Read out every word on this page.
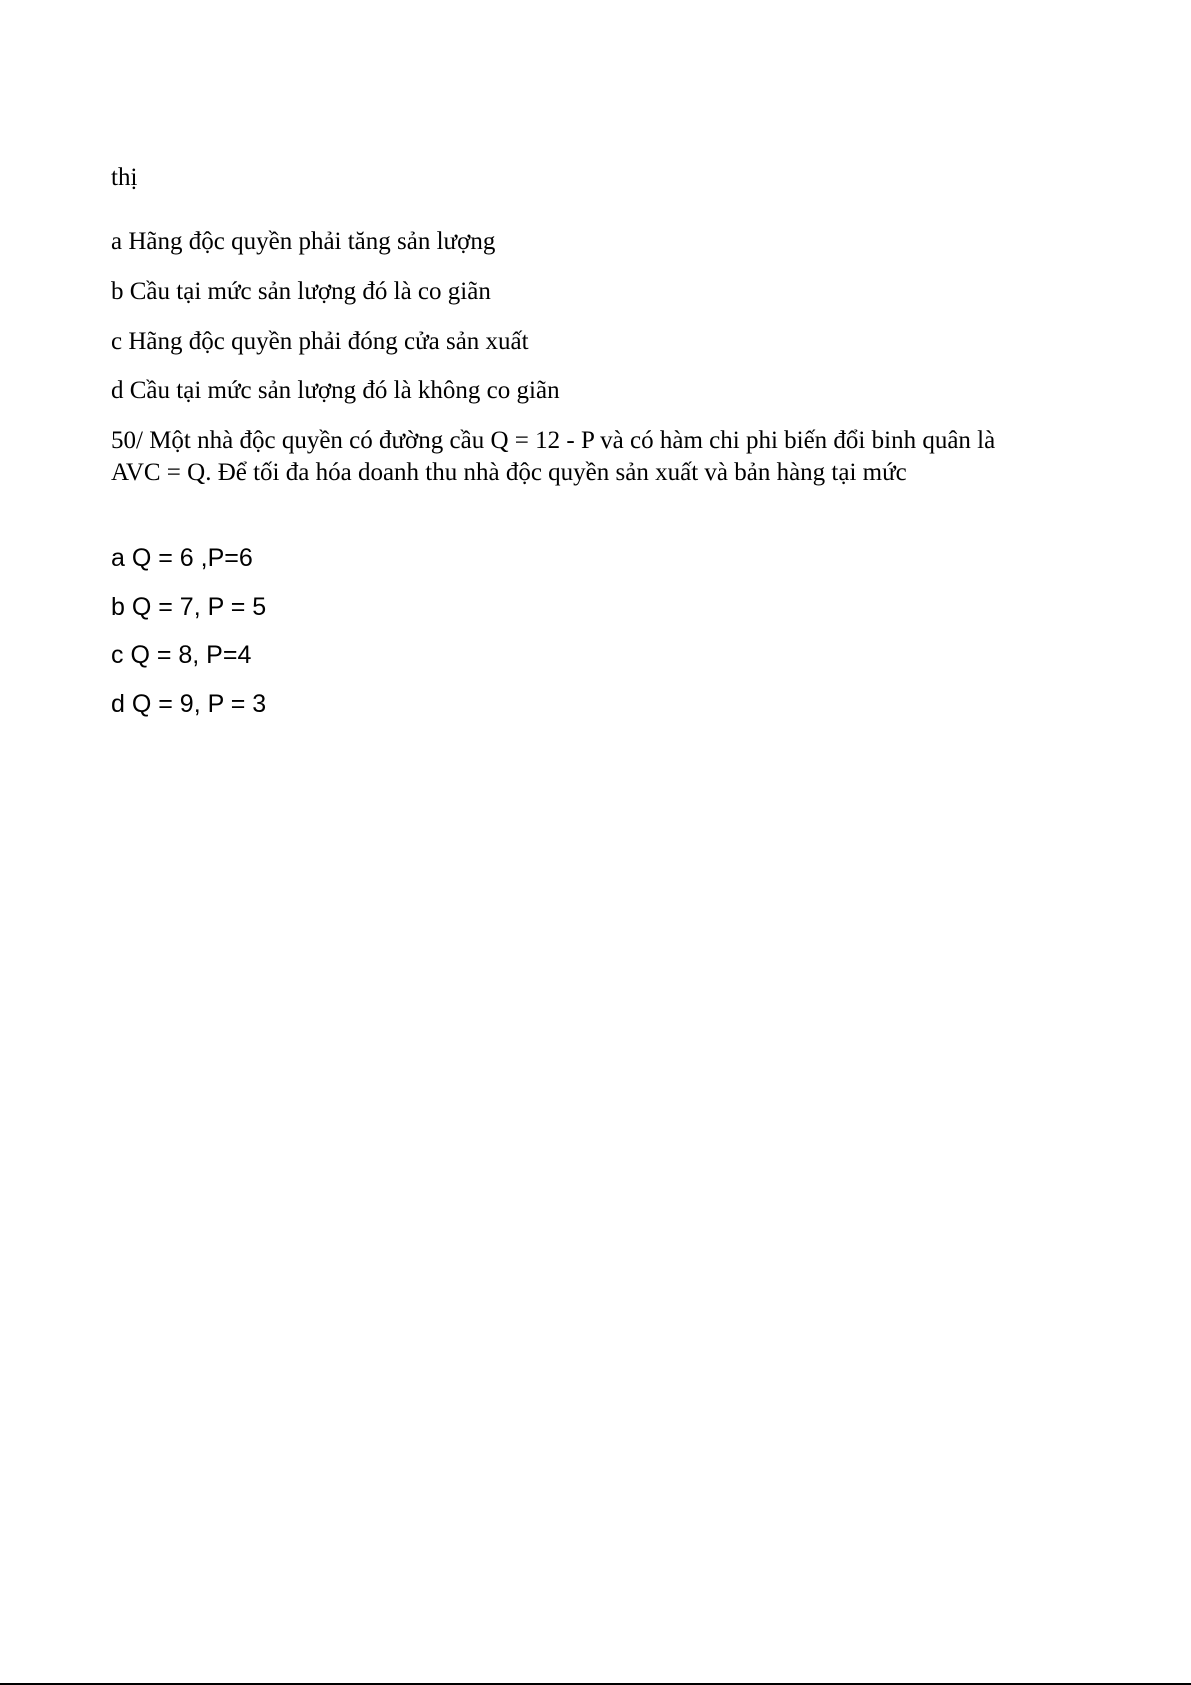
thị
a Hãng độc quyền phải tăng sản lượng
b Cầu tại mức sản lượng đó là co giãn
c Hãng độc quyền phải đóng cửa sản xuất
d Cầu tại mức sản lượng đó là không co giãn
50/ Một nhà độc quyền có đường cầu Q = 12 - P và có hàm chi phi biến đổi binh quân là AVC = Q. Để tối đa hóa doanh thu nhà độc quyền sản xuất và bản hàng tại mức
a Q = 6 ,P=6
b Q = 7, P = 5
c Q = 8, P=4
d Q = 9, P = 3
